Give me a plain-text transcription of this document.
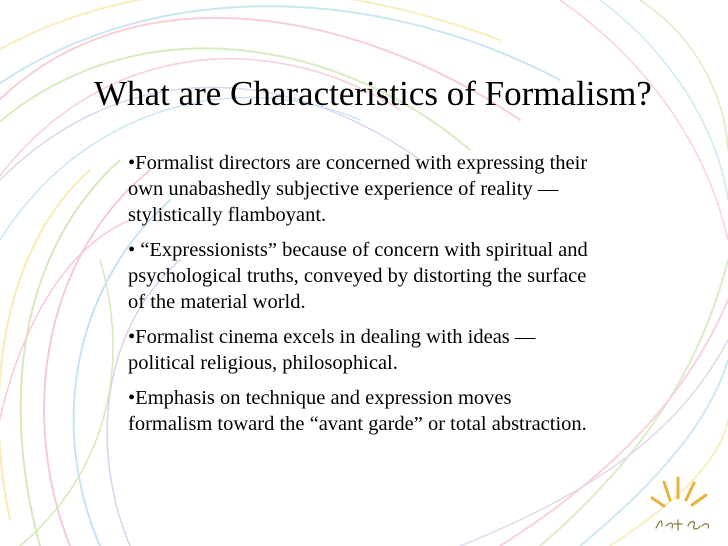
What are Characteristics of Formalism?
•Formalist directors are concerned with expressing their
own unabashedly subjective experience of reality —
stylistically flamboyant.
• “Expressionists” because of concern with spiritual and
psychological truths, conveyed by distorting the surface
of the material world.
•Formalist cinema excels in dealing with ideas —
political religious, philosophical.
•Emphasis on technique and expression moves
formalism toward the “avant garde” or total abstraction.
